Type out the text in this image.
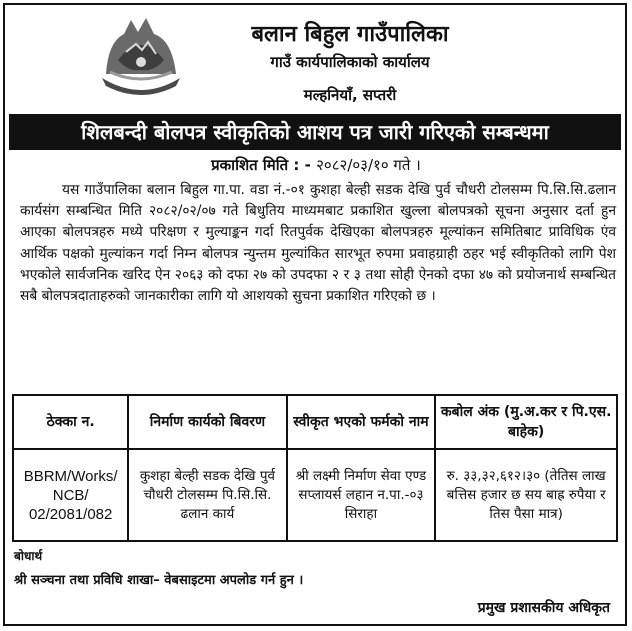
बलान बिहुल गाउँपालिका
गाउँ कार्यपालिकाको कार्यालय
मल्हनियाँ, सप्तरी
शिलबन्दी बोलपत्र स्वीकृतिको आशय पत्र जारी गरिएको सम्बन्धमा
प्रकाशित मिति : - २०८२/०३/१० गते ।
यस गाउँपालिका बलान बिहुल गा.पा. वडा नं.-०१ कुशहा बेल्ही सडक देखि पुर्व चौधरी टोलसम्म पि.सि.सि.ढलान कार्यसंग सम्बन्धित मिति २०८२/०२/०७ गते बिधुतिय माध्यमबाट प्रकाशित खुल्ला बोलपत्रको सूचना अनुसार दर्ता हुन आएका बोलपत्रहरु मध्ये परिक्षण र मुल्याङ्कन गर्दा रितपुर्वक देखिएका बोलपत्रहरु मूल्यांकन समितिबाट प्राविधिक एंव आर्थिक पक्षको मुल्यांकन गर्दा निम्न बोलपत्र न्युन्तम मुल्यांकित सारभूत रुपमा प्रवाहग्राही ठहर भई स्वीकृतिको लागि पेश भएकोले सार्वजनिक खरिद ऐन २०६३ को दफा २७ को उपदफा २ र ३ तथा सोही ऐनको दफा ४७ को प्रयोजनार्थ सम्बन्धित सबै बोलपत्रदाताहरुको जानकारीका लागि यो आशयको सुचना प्रकाशित गरिएको छ ।
ठेक्का न.	निर्माण कार्यको बिवरण	स्वीकृत भएको फर्मको नाम	कबोल अंक (मु.अ.कर र पि.एस. बाहेक)
BBRM/Works/ NCB/ 02/2081/082	कुशहा बेल्ही सडक देखि पुर्व चौधरी टोलसम्म पि.सि.सि. ढलान कार्य	श्री लक्ष्मी निर्माण सेवा एण्ड सप्लायर्स लहान न.पा.-०३ सिराहा	रु. ३३,३२,६१२।३० (तेतिस लाख बत्तिस हजार छ सय बाह्र रुपैया र तिस पैसा मात्र)
बोधार्थ
श्री सञ्चना तथा प्रविधि शाखा– वेबसाइटमा अपलोड गर्न हुन ।
प्रमुख प्रशासकीय अधिकृत
